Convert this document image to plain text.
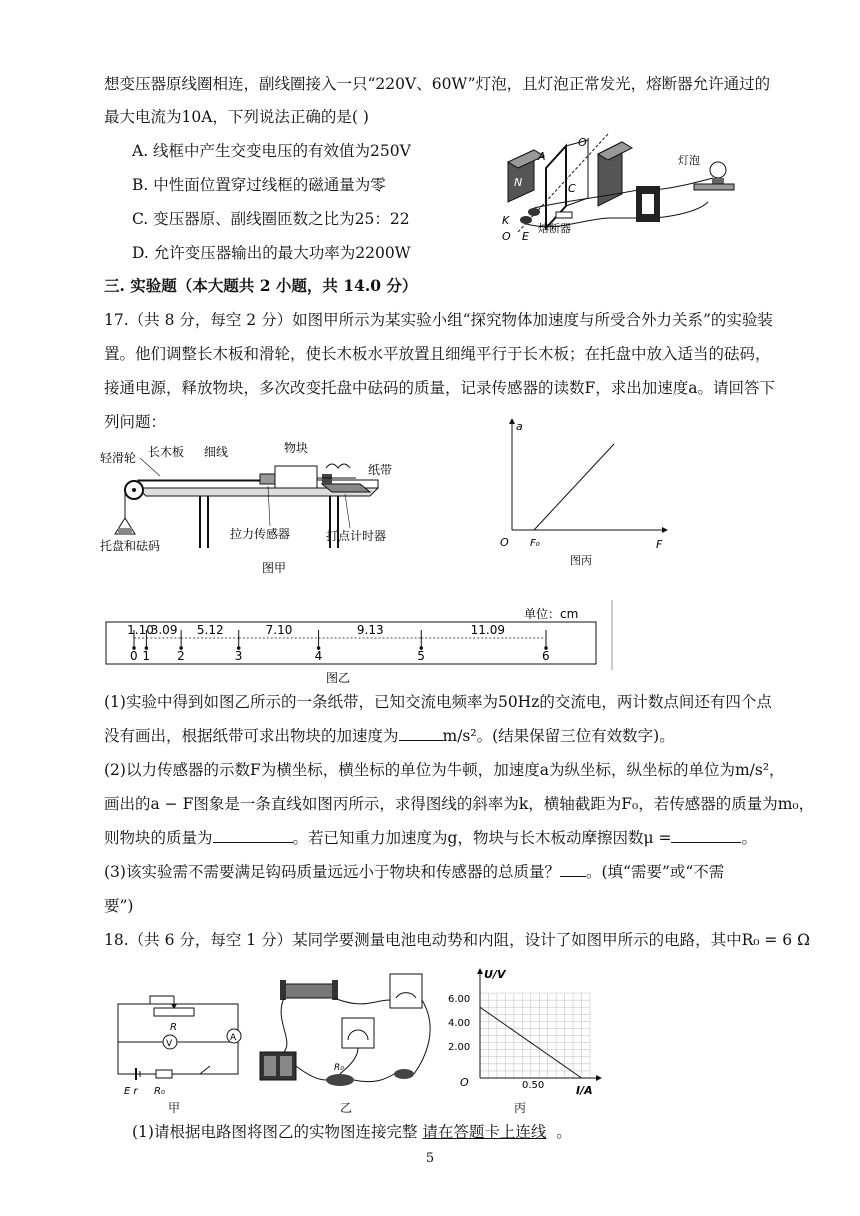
想变压器原线圈相连，副线圈接入一只“220V、60W”灯泡，且灯泡正常发光，熔断器允许通过的
最大电流为10A，下列说法正确的是( )
A. 线框中产生交变电压的有效值为250V
B. 中性面位置穿过线框的磁通量为零
C. 变压器原、副线圈匝数之比为25：22
D. 允许变压器输出的最大功率为2200W
N
A
C
O'
K
O E
熔断器
灯泡
三. 实验题（本大题共 2 小题，共 14.0 分）
17.（共 8 分，每空 2 分）如图甲所示为某实验小组“探究物体加速度与所受合外力关系”的实验装
置。他们调整长木板和滑轮，使长木板水平放置且细绳平行于长木板；在托盘中放入适当的砝码，
接通电源，释放物块，多次改变托盘中砝码的质量，记录传感器的读数F，求出加速度a。请回答下
列问题：
轻滑轮 长木板 细线	物块
纸带
托盘和砝码
拉力传感器	打点计时器
图甲
a
F
O F₀
图丙
单位：cm
0 1 2	3	4	5	6
1.10
3.09 5.12	7.10	9.13	11.09
图乙
(1)实验中得到如图乙所示的一条纸带，已知交流电频率为50Hz的交流电，两计数点间还有四个点
没有画出，根据纸带可求出物块的加速度为	m/s²。(结果保留三位有效数字)。
(2)以力传感器的示数F为横坐标，横坐标的单位为牛顿，加速度a为纵坐标，纵坐标的单位为m/s²，
画出的a − F图象是一条直线如图丙所示，求得图线的斜率为k，横轴截距为F₀，若传感器的质量为m₀，
则物块的质量为	。若已知重力加速度为g，物块与长木板动摩擦因数μ =	。
(3)该实验需不需要满足钩码质量远远小于物块和传感器的总质量？ 。(填“需要”或“不需
要”)
18.（共 6 分，每空 1 分）某同学要测量电池电动势和内阻，设计了如图甲所示的电路，其中R₀ = 6 Ω
R
V
A
E r R₀
甲
R₀
乙
U/V
I/A
O
6.00
4.00
2.00
0.50
丙
(1)请根据电路图将图乙的实物图连接完整 请在答题卡上连线 。
5
